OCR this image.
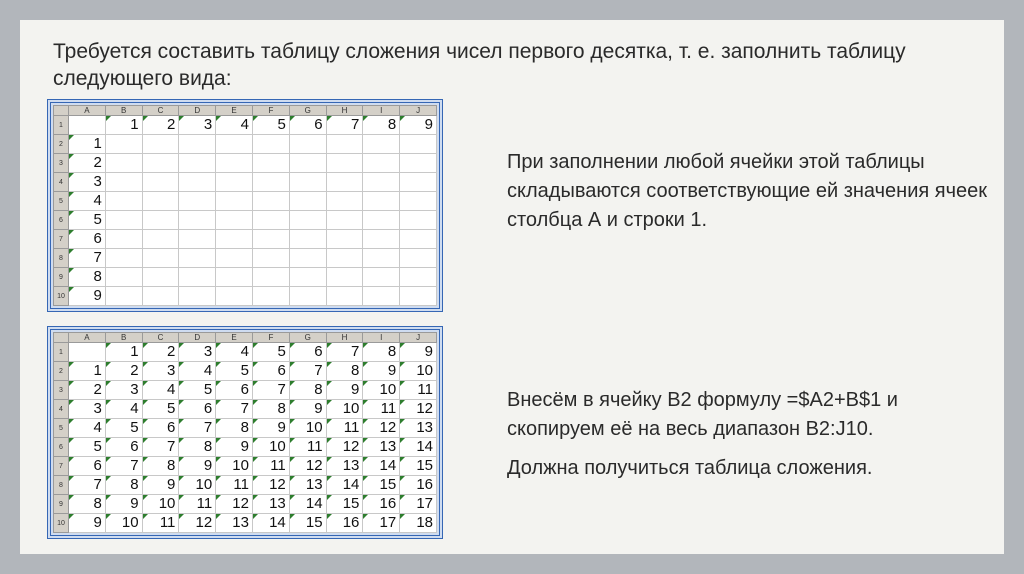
Требуется составить таблицу сложения чисел первого десятка, т. е. заполнить таблицу следующего вида:

	A	B	C	D	E	F	G	H	I	J
1		1	2	3	4	5	6	7	8	9
2	1									
3	2									
4	3									
5	4									
6	5									
7	6									
8	7									
9	8									
10	9									

При заполнении любой ячейки этой таблицы складываются соответствующие ей значения ячеек столбца А и строки 1.

	A	B	C	D	E	F	G	H	I	J
1		1	2	3	4	5	6	7	8	9
2	1	2	3	4	5	6	7	8	9	10
3	2	3	4	5	6	7	8	9	10	11
4	3	4	5	6	7	8	9	10	11	12
5	4	5	6	7	8	9	10	11	12	13
6	5	6	7	8	9	10	11	12	13	14
7	6	7	8	9	10	11	12	13	14	15
8	7	8	9	10	11	12	13	14	15	16
9	8	9	10	11	12	13	14	15	16	17
10	9	10	11	12	13	14	15	16	17	18

Внесём в ячейку В2 формулу =$A2+B$1 и скопируем её на весь диапазон В2:J10.

Должна получиться таблица сложения.
